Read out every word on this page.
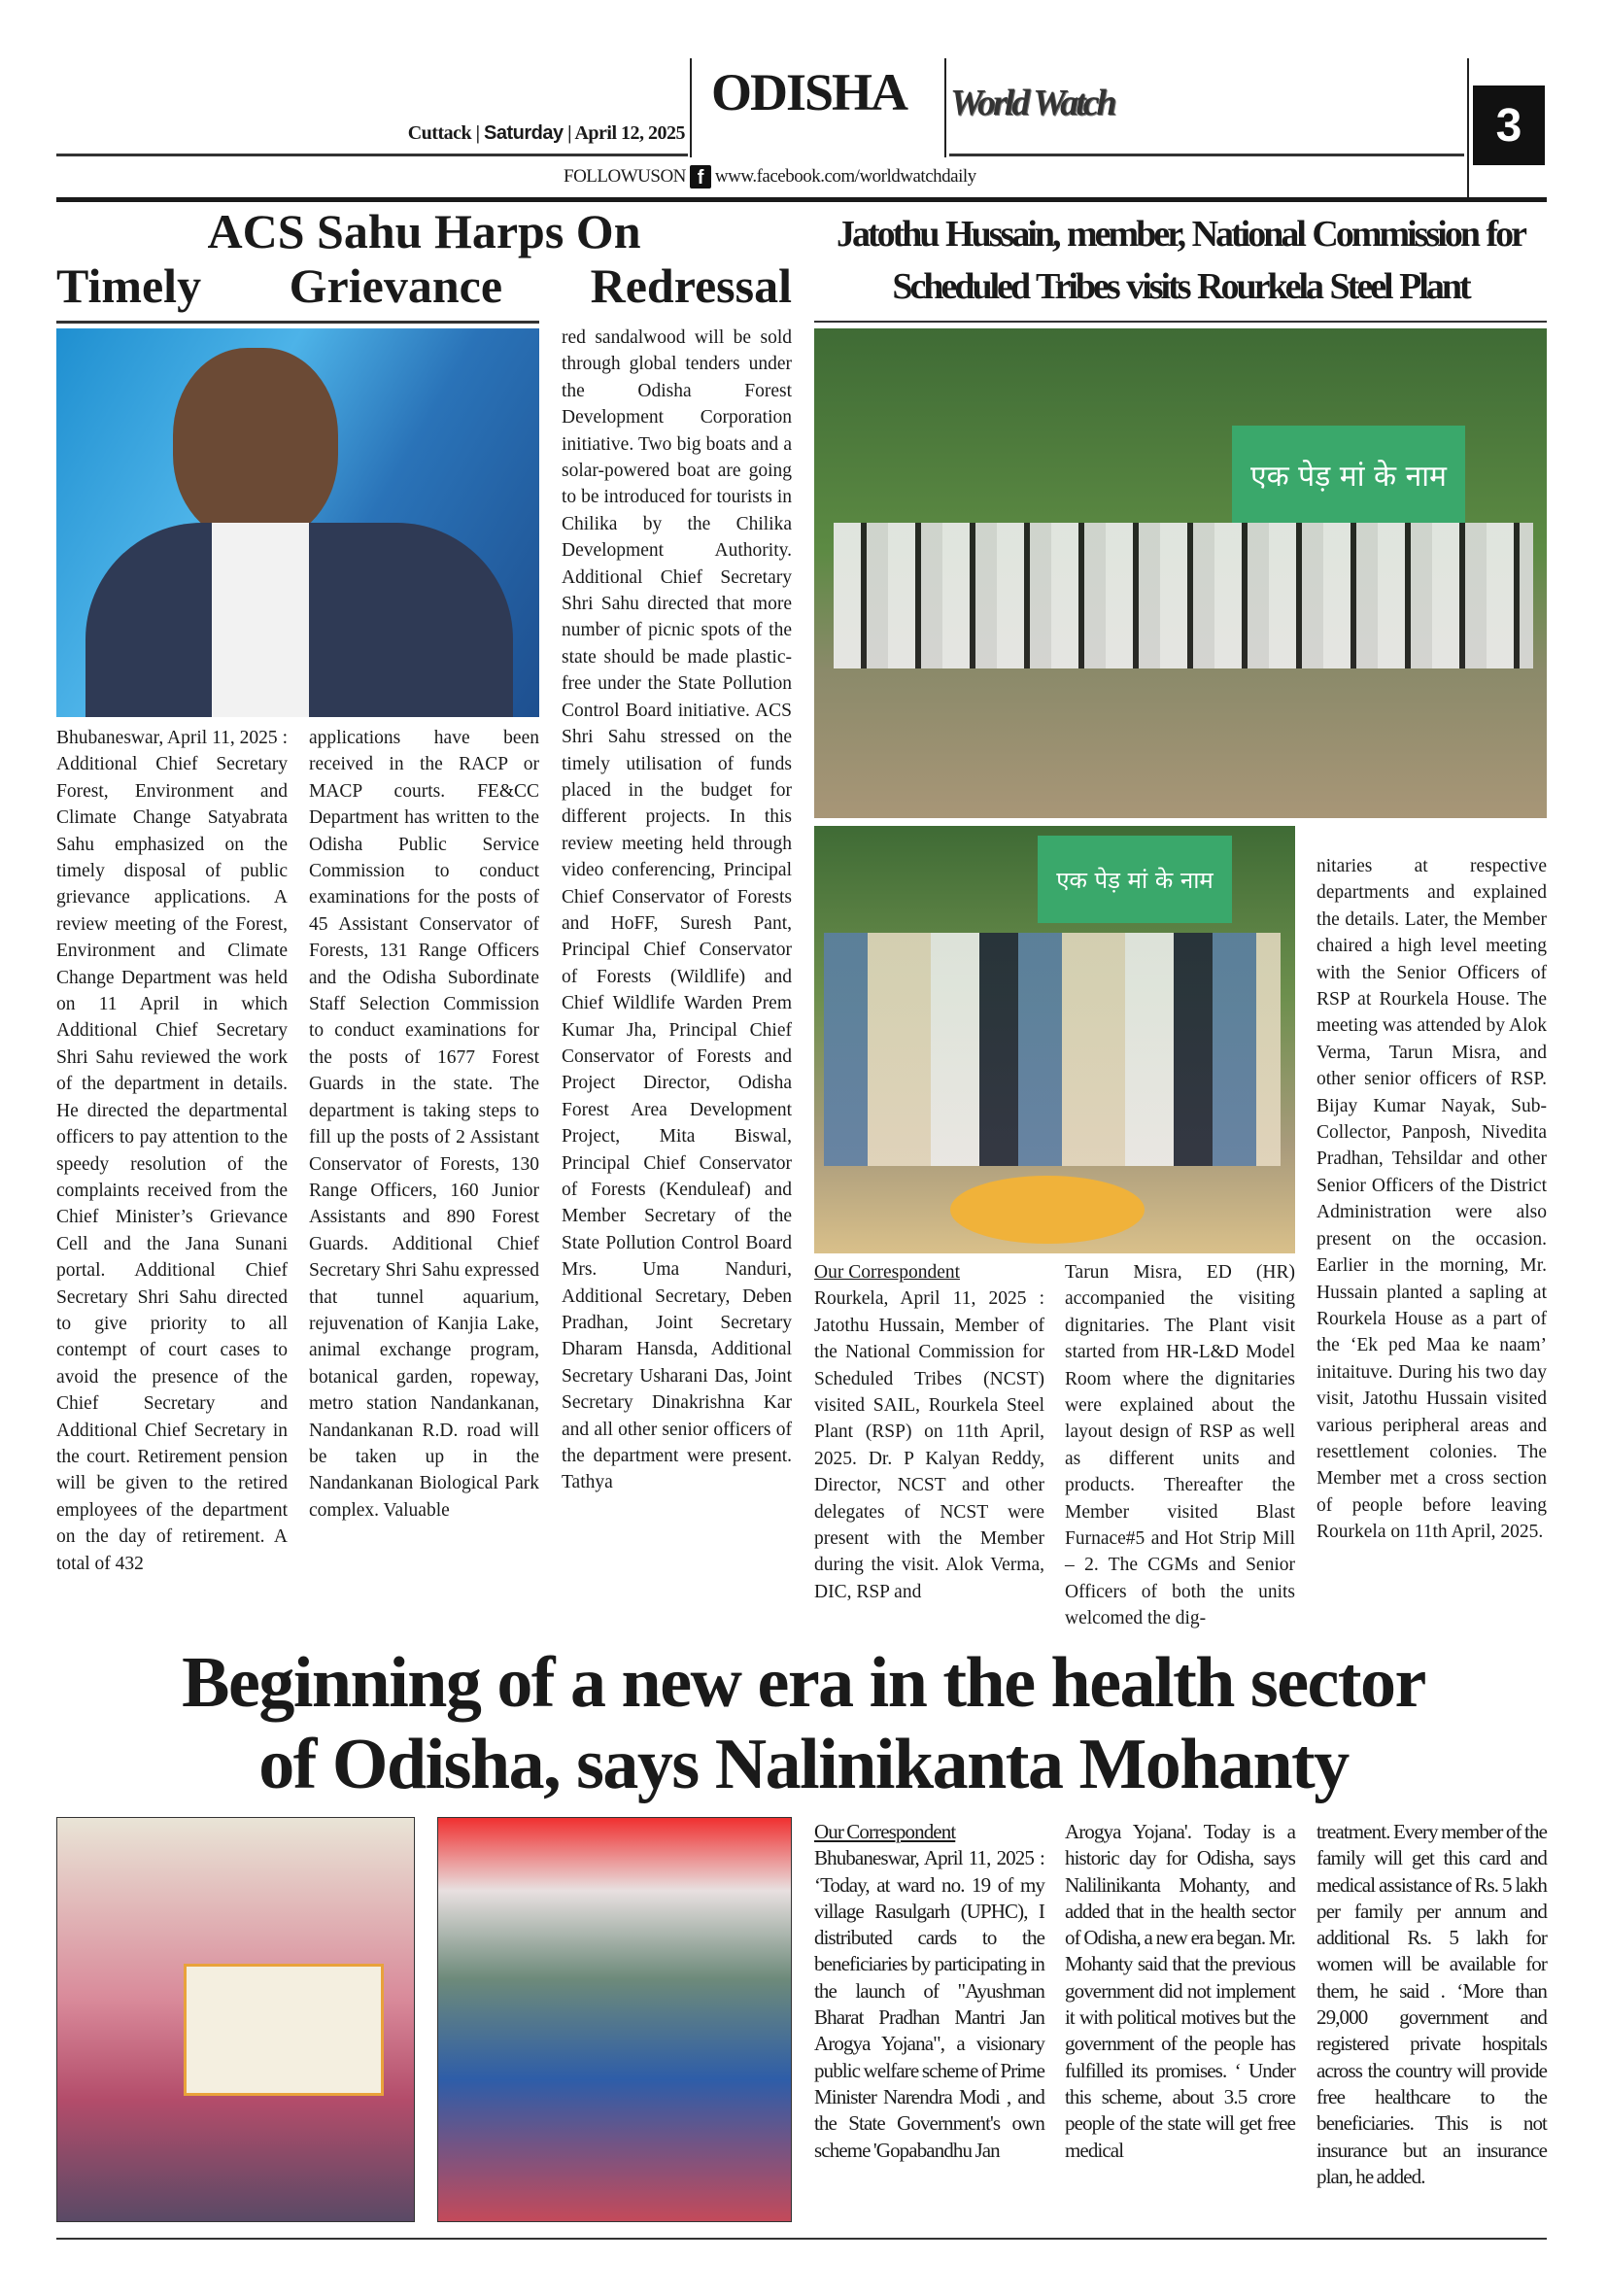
ODISHA
Cuttack | Saturday | April 12, 2025
World Watch	3
FOLLOWUSON f www.facebook.com/worldwatchdaily
ACS Sahu Harps On
Timely Grievance Redressal
Bhubaneswar, April 11, 2025 : Additional Chief Secretary Forest, Environment and Climate Change Satyabrata Sahu emphasized on the timely disposal of public grievance applications. A review meeting of the Forest, Environment and Climate Change Department was held on 11 April in which Additional Chief Secretary Shri Sahu reviewed the work of the department in details. He directed the departmental officers to pay attention to the speedy resolution of the complaints received from the Chief Minister’s Grievance Cell and the Jana Sunani portal. Additional Chief Secretary Shri Sahu directed to give priority to all contempt of court cases to avoid the presence of the Chief Secretary and Additional Chief Secretary in the court. Retirement pension will be given to the retired employees of the department on the day of retirement. A total of 432
applications have been received in the RACP or MACP courts. FE&CC Department has written to the Odisha Public Service Commission to conduct examinations for the posts of 45 Assistant Conservator of Forests, 131 Range Officers and the Odisha Subordinate Staff Selection Commission to conduct examinations for the posts of 1677 Forest Guards in the state. The department is taking steps to fill up the posts of 2 Assistant Conservator of Forests, 130 Range Officers, 160 Junior Assistants and 890 Forest Guards. Additional Chief Secretary Shri Sahu expressed that tunnel aquarium, rejuvenation of Kanjia Lake, animal exchange program, botanical garden, ropeway, metro station Nandankanan, Nandankanan R.D. road will be taken up in the Nandankanan Biological Park complex. Valuable
red sandalwood will be sold through global tenders under the Odisha Forest Development Corporation initiative. Two big boats and a solar-powered boat are going to be introduced for tourists in Chilika by the Chilika Development Authority. Additional Chief Secretary Shri Sahu directed that more number of picnic spots of the state should be made plastic-free under the State Pollution Control Board initiative. ACS Shri Sahu stressed on the timely utilisation of funds placed in the budget for different projects. In this review meeting held through video conferencing, Principal Chief Conservator of Forests and HoFF, Suresh Pant, Principal Chief Conservator of Forests (Wildlife) and Chief Wildlife Warden Prem Kumar Jha, Principal Chief Conservator of Forests and Project Director, Odisha Forest Area Development Project, Mita Biswal, Principal Chief Conservator of Forests (Kenduleaf) and Member Secretary of the State Pollution Control Board Mrs. Uma Nanduri, Additional Secretary, Deben Pradhan, Joint Secretary Dharam Hansda, Additional Secretary Usharani Das, Joint Secretary Dinakrishna Kar and all other senior officers of the department were present. Tathya
Jatothu Hussain, member, National Commission for
Scheduled Tribes visits Rourkela Steel Plant
एक पेड़ मां के नाम
एक पेड़ मां के नाम
Our Correspondent
Rourkela, April 11, 2025 : Jatothu Hussain, Member of the National Commission for Scheduled Tribes (NCST) visited SAIL, Rourkela Steel Plant (RSP) on 11th April, 2025. Dr. P Kalyan Reddy, Director, NCST and other delegates of NCST were present with the Member during the visit. Alok Verma, DIC, RSP and
Tarun Misra, ED (HR) accompanied the visiting dignitaries. The Plant visit started from HR-L&D Model Room where the dignitaries were explained about the layout design of RSP as well as different units and products. Thereafter the Member visited Blast Furnace#5 and Hot Strip Mill – 2. The CGMs and Senior Officers of both the units welcomed the dig-
nitaries at respective departments and explained the details. Later, the Member chaired a high level meeting with the Senior Officers of RSP at Rourkela House. The meeting was attended by Alok Verma, Tarun Misra, and other senior officers of RSP. Bijay Kumar Nayak, Sub-Collector, Panposh, Nivedita Pradhan, Tehsildar and other Senior Officers of the District Administration were also present on the occasion. Earlier in the morning, Mr. Hussain planted a sapling at Rourkela House as a part of the ‘Ek ped Maa ke naam’ initaituve. During his two day visit, Jatothu Hussain visited various peripheral areas and resettlement colonies. The Member met a cross section of people before leaving Rourkela on 11th April, 2025.
Beginning of a new era in the health sector
of Odisha, says Nalinikanta Mohanty
Our Correspondent
Bhubaneswar, April 11, 2025 : ‘Today, at ward no. 19 of my village Rasulgarh (UPHC), I distributed cards to the beneficiaries by participating in the launch of "Ayushman Bharat Pradhan Mantri Jan Arogya Yojana", a visionary public welfare scheme of Prime Minister Narendra Modi , and the State Government's own scheme 'Gopabandhu Jan
Arogya Yojana'. Today is a historic day for Odisha, says Nalilinikanta Mohanty, and added that in the health sector of Odisha, a new era began. Mr. Mohanty said that the previous government did not implement it with political motives but the government of the people has fulfilled its promises. ‘ Under this scheme, about 3.5 crore people of the state will get free medical
treatment. Every member of the family will get this card and medical assistance of Rs. 5 lakh per family per annum and additional Rs. 5 lakh for women will be available for them, he said . ‘More than 29,000 government and registered private hospitals across the country will provide free healthcare to the beneficiaries. This is not insurance but an insurance plan, he added.
